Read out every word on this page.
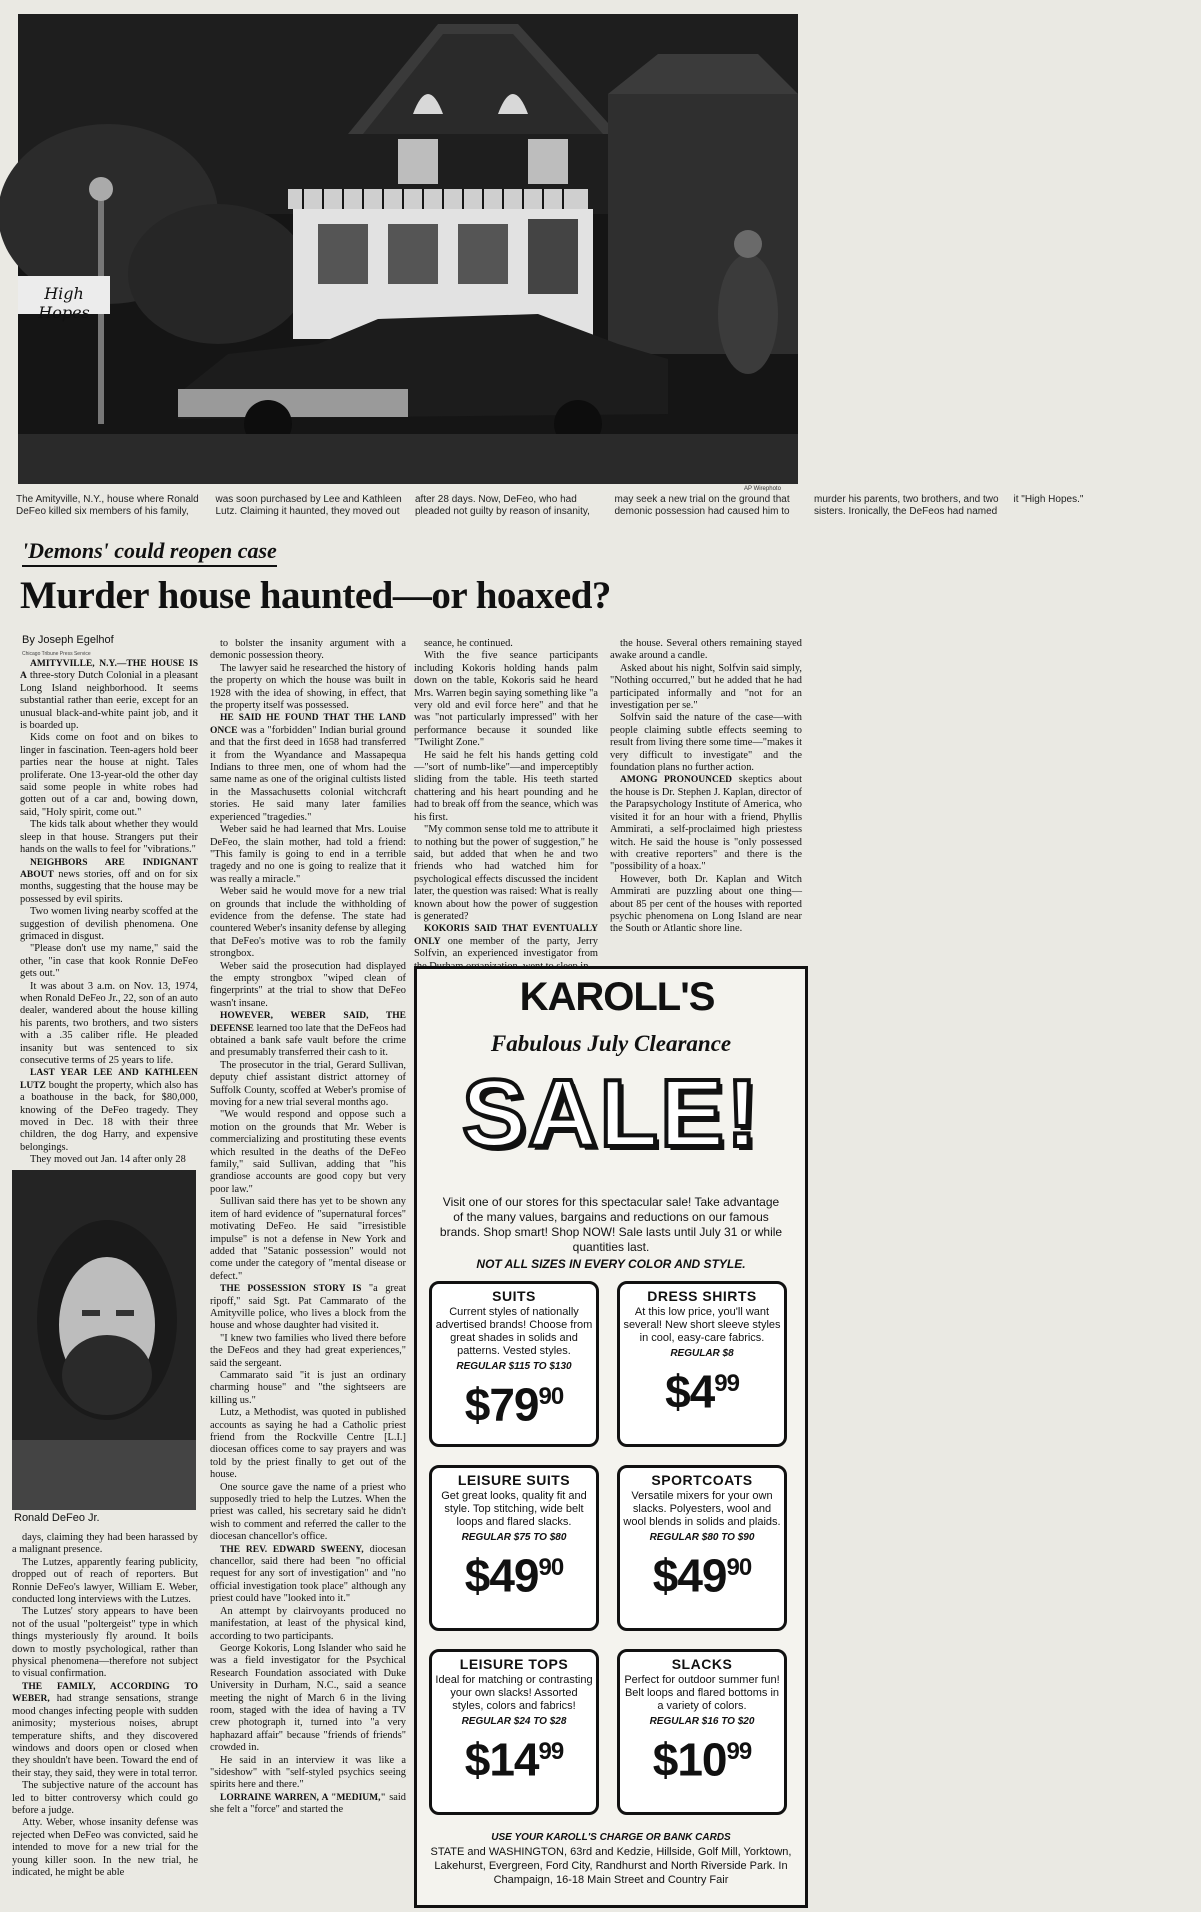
High Hopes
AP Wirephoto
The Amityville, N.Y., house where Ronald DeFeo killed six members of his family, was soon purchased by Lee and Kathleen Lutz. Claiming it haunted, they moved out after 28 days. Now, DeFeo, who had pleaded not guilty by reason of insanity, may seek a new trial on the ground that demonic possession had caused him to murder his parents, two brothers, and two sisters. Ironically, the DeFeos had named it "High Hopes."
'Demons' could reopen case
Murder house haunted—or hoaxed?
By Joseph Egelhof
Chicago Tribune Press Service

AMITYVILLE, N.Y.—THE HOUSE IS A three-story Dutch Colonial in a pleasant Long Island neighborhood. It seems substantial rather than eerie, except for an unusual black-and-white paint job, and it is boarded up.

Kids come on foot and on bikes to linger in fascination. Teen-agers hold beer parties near the house at night. Tales proliferate. One 13-year-old the other day said some people in white robes had gotten out of a car and, bowing down, said, "Holy spirit, come out."

The kids talk about whether they would sleep in that house. Strangers put their hands on the walls to feel for "vibrations."

NEIGHBORS ARE INDIGNANT ABOUT news stories, off and on for six months, suggesting that the house may be possessed by evil spirits.

Two women living nearby scoffed at the suggestion of devilish phenomena. One grimaced in disgust.

"Please don't use my name," said the other, "in case that kook Ronnie DeFeo gets out."

It was about 3 a.m. on Nov. 13, 1974, when Ronald DeFeo Jr., 22, son of an auto dealer, wandered about the house killing his parents, two brothers, and two sisters with a .35 caliber rifle. He pleaded insanity but was sentenced to six consecutive terms of 25 years to life.

LAST YEAR LEE AND KATHLEEN LUTZ bought the property, which also has a boathouse in the back, for $80,000, knowing of the DeFeo tragedy. They moved in Dec. 18 with their three children, the dog Harry, and expensive belongings.

They moved out Jan. 14 after only 28

Ronald DeFeo Jr.

days, claiming they had been harassed by a malignant presence.

The Lutzes, apparently fearing publicity, dropped out of reach of reporters. But Ronnie DeFeo's lawyer, William E. Weber, conducted long interviews with the Lutzes.

The Lutzes' story appears to have been not of the usual "poltergeist" type in which things mysteriously fly around. It boils down to mostly psychological, rather than physical phenomena—therefore not subject to visual confirmation.

THE FAMILY, ACCORDING TO WEBER, had strange sensations, strange mood changes infecting people with sudden animosity; mysterious noises, abrupt temperature shifts, and they discovered windows and doors open or closed when they shouldn't have been. Toward the end of their stay, they said, they were in total terror.

The subjective nature of the account has led to bitter controversy which could go before a judge.

Atty. Weber, whose insanity defense was rejected when DeFeo was convicted, said he intended to move for a new trial for the young killer soon. In the new trial, he indicated, he might be able

to bolster the insanity argument with a demonic possession theory.

The lawyer said he researched the history of the property on which the house was built in 1928 with the idea of showing, in effect, that the property itself was possessed.

HE SAID HE FOUND THAT THE LAND ONCE was a "forbidden" Indian burial ground and that the first deed in 1658 had transferred it from the Wyandance and Massapequa Indians to three men, one of whom had the same name as one of the original cultists listed in the Massachusetts colonial witchcraft stories. He said many later families experienced "tragedies."

Weber said he had learned that Mrs. Louise DeFeo, the slain mother, had told a friend: "This family is going to end in a terrible tragedy and no one is going to realize that it was really a miracle."

Weber said he would move for a new trial on grounds that include the withholding of evidence from the defense. The state had countered Weber's insanity defense by alleging that DeFeo's motive was to rob the family strongbox.

Weber said the prosecution had displayed the empty strongbox "wiped clean of fingerprints" at the trial to show that DeFeo wasn't insane.

HOWEVER, WEBER SAID, THE DEFENSE learned too late that the DeFeos had obtained a bank safe vault before the crime and presumably transferred their cash to it.

The prosecutor in the trial, Gerard Sullivan, deputy chief assistant district attorney of Suffolk County, scoffed at Weber's promise of moving for a new trial several months ago.

"We would respond and oppose such a motion on the grounds that Mr. Weber is commercializing and prostituting these events which resulted in the deaths of the DeFeo family," said Sullivan, adding that "his grandiose accounts are good copy but very poor law."

Sullivan said there has yet to be shown any item of hard evidence of "supernatural forces" motivating DeFeo. He said "irresistible impulse" is not a defense in New York and added that "Satanic possession" would not come under the category of "mental disease or defect."

THE POSSESSION STORY IS "a great ripoff," said Sgt. Pat Cammarato of the Amityville police, who lives a block from the house and whose daughter had visited it.

"I knew two families who lived there before the DeFeos and they had great experiences," said the sergeant.

Cammarato said "it is just an ordinary charming house" and "the sightseers are killing us."

Lutz, a Methodist, was quoted in published accounts as saying he had a Catholic priest friend from the Rockville Centre [L.I.] diocesan offices come to say prayers and was told by the priest finally to get out of the house.

One source gave the name of a priest who supposedly tried to help the Lutzes. When the priest was called, his secretary said he didn't wish to comment and referred the caller to the diocesan chancellor's office.

THE REV. EDWARD SWEENY, diocesan chancellor, said there had been "no official request for any sort of investigation" and "no official investigation took place" although any priest could have "looked into it."

An attempt by clairvoyants produced no manifestation, at least of the physical kind, according to two participants.

George Kokoris, Long Islander who said he was a field investigator for the Psychical Research Foundation associated with Duke University in Durham, N.C., said a seance meeting the night of March 6 in the living room, staged with the idea of having a TV crew photograph it, turned into "a very haphazard affair" because "friends of friends" crowded in.

He said in an interview it was like a "sideshow" with "self-styled psychics seeing spirits here and there."

LORRAINE WARREN, A "MEDIUM," said she felt a "force" and started the

seance, he continued.

With the five seance participants including Kokoris holding hands palm down on the table, Kokoris said he heard Mrs. Warren begin saying something like "a very old and evil force here" and that he was "not particularly impressed" with her performance because it sounded like "Twilight Zone."

He said he felt his hands getting cold —"sort of numb-like"—and imperceptibly sliding from the table. His teeth started chattering and his heart pounding and he had to break off from the seance, which was his first.

"My common sense told me to attribute it to nothing but the power of suggestion," he said, but added that when he and two friends who had watched him for psychological effects discussed the incident later, the question was raised: What is really known about how the power of suggestion is generated?

KOKORIS SAID THAT EVENTUALLY ONLY one member of the party, Jerry Solfvin, an experienced investigator from

the house. Several others remaining stayed awake around a candle.

Asked about his night, Solfvin said simply, "Nothing occurred," but he added that he had participated informally and "not for an investigation per se."

Solfvin said the nature of the case—with people claiming subtle effects seeming to result from living there some time—"makes it very difficult to investigate" and the foundation plans no further action.

AMONG PRONOUNCED skeptics about the house is Dr. Stephen J. Kaplan, director of the Parapsychology Institute of America, who visited it for an hour with a friend, Phyllis Ammirati, a self-proclaimed high priestess witch. He said the house is "only possessed with creative reporters" and there is the "possibility of a hoax."

However, both Dr. Kaplan and Witch Ammirati are puzzling about one thing—about 85 per cent of the houses with reported psychic phenomena on Long Island are near the South or Atlantic shore line.

KAROLL'S
Fabulous July Clearance
SALE!
Visit one of our stores for this spectacular sale! Take advantage of the many values, bargains and reductions on our famous brands. Shop smart! Shop NOW! Sale lasts until July 31 or while quantities last.
NOT ALL SIZES IN EVERY COLOR AND STYLE.
SUITS
Current styles of nationally advertised brands! Choose from great shades in solids and patterns. Vested styles.
REGULAR $115 TO $130
$\$79^{90}$
DRESS SHIRTS
At this low price, you'll want several! New short sleeve styles in cool, easy-care fabrics.
REGULAR $8
$\$4^{99}$
LEISURE SUITS
Get great looks, quality fit and style. Top stitching, wide belt loops and flared slacks.
REGULAR $75 TO $80
$\$49^{90}$
SPORTCOATS
Versatile mixers for your own slacks. Polyesters, wool and wool blends in solids and plaids.
REGULAR $80 TO $90
$\$49^{90}$
LEISURE TOPS
Ideal for matching or contrasting your own slacks! Assorted styles, colors and fabrics!
REGULAR $24 TO $28
$\$14^{99}$
SLACKS
Perfect for outdoor summer fun! Belt loops and flared bottoms in a variety of colors.
REGULAR $16 TO $20
$\$10^{99}$
USE YOUR KAROLL'S CHARGE OR BANK CARDS
STATE and WASHINGTON, 63rd and Kedzie, Hillside, Golf Mill, Yorktown, Lakehurst, Evergreen, Ford City, Randhurst and North Riverside Park. In Champaign, 16-18 Main Street and Country Fair
